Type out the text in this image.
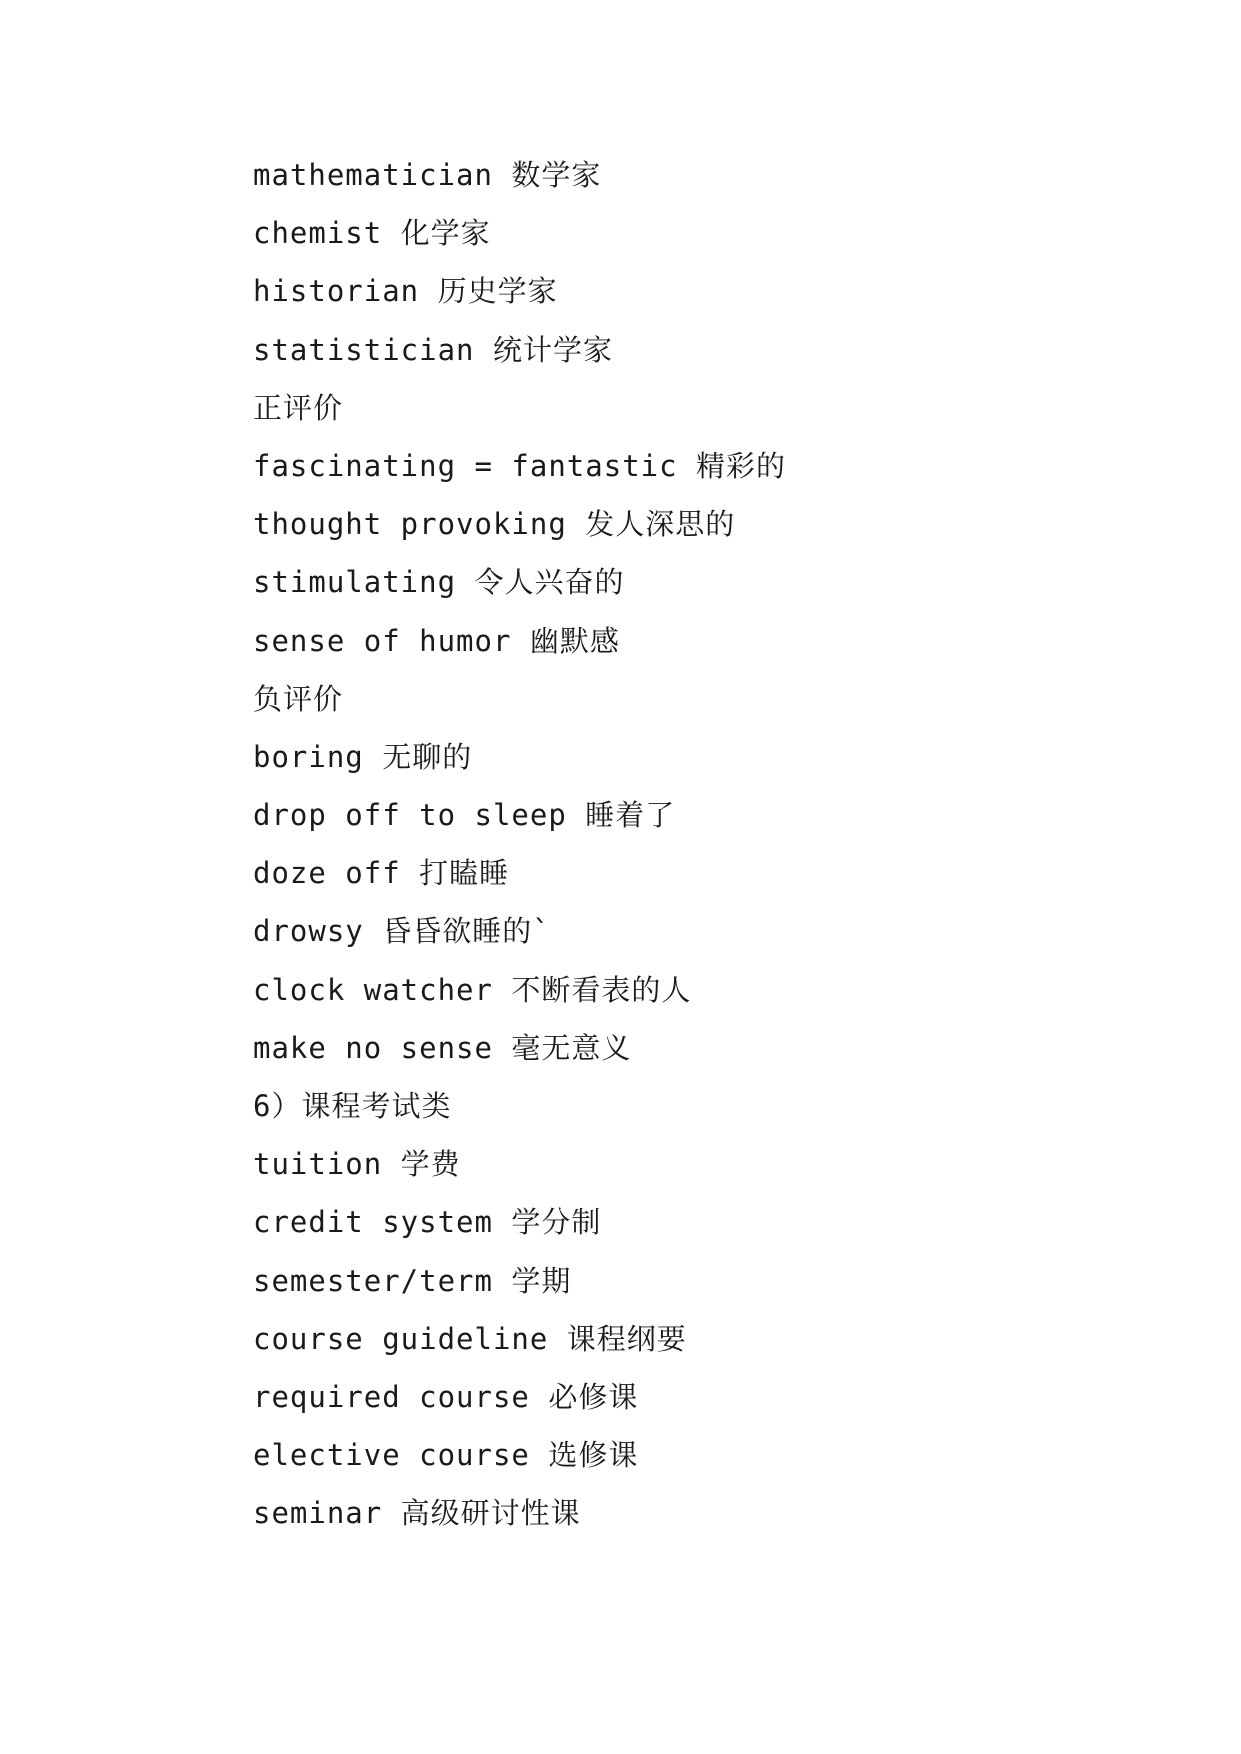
mathematician 数学家
chemist 化学家
historian 历史学家
statistician 统计学家
正评价
fascinating = fantastic 精彩的
thought provoking 发人深思的
stimulating 令人兴奋的
sense of humor 幽默感
负评价
boring 无聊的
drop off to sleep 睡着了
doze off 打瞌睡
drowsy 昏昏欲睡的`
clock watcher 不断看表的人
make no sense 毫无意义
6）课程考试类
tuition 学费
credit system 学分制
semester/term 学期
course guideline 课程纲要
required course 必修课
elective course 选修课
seminar 高级研讨性课
